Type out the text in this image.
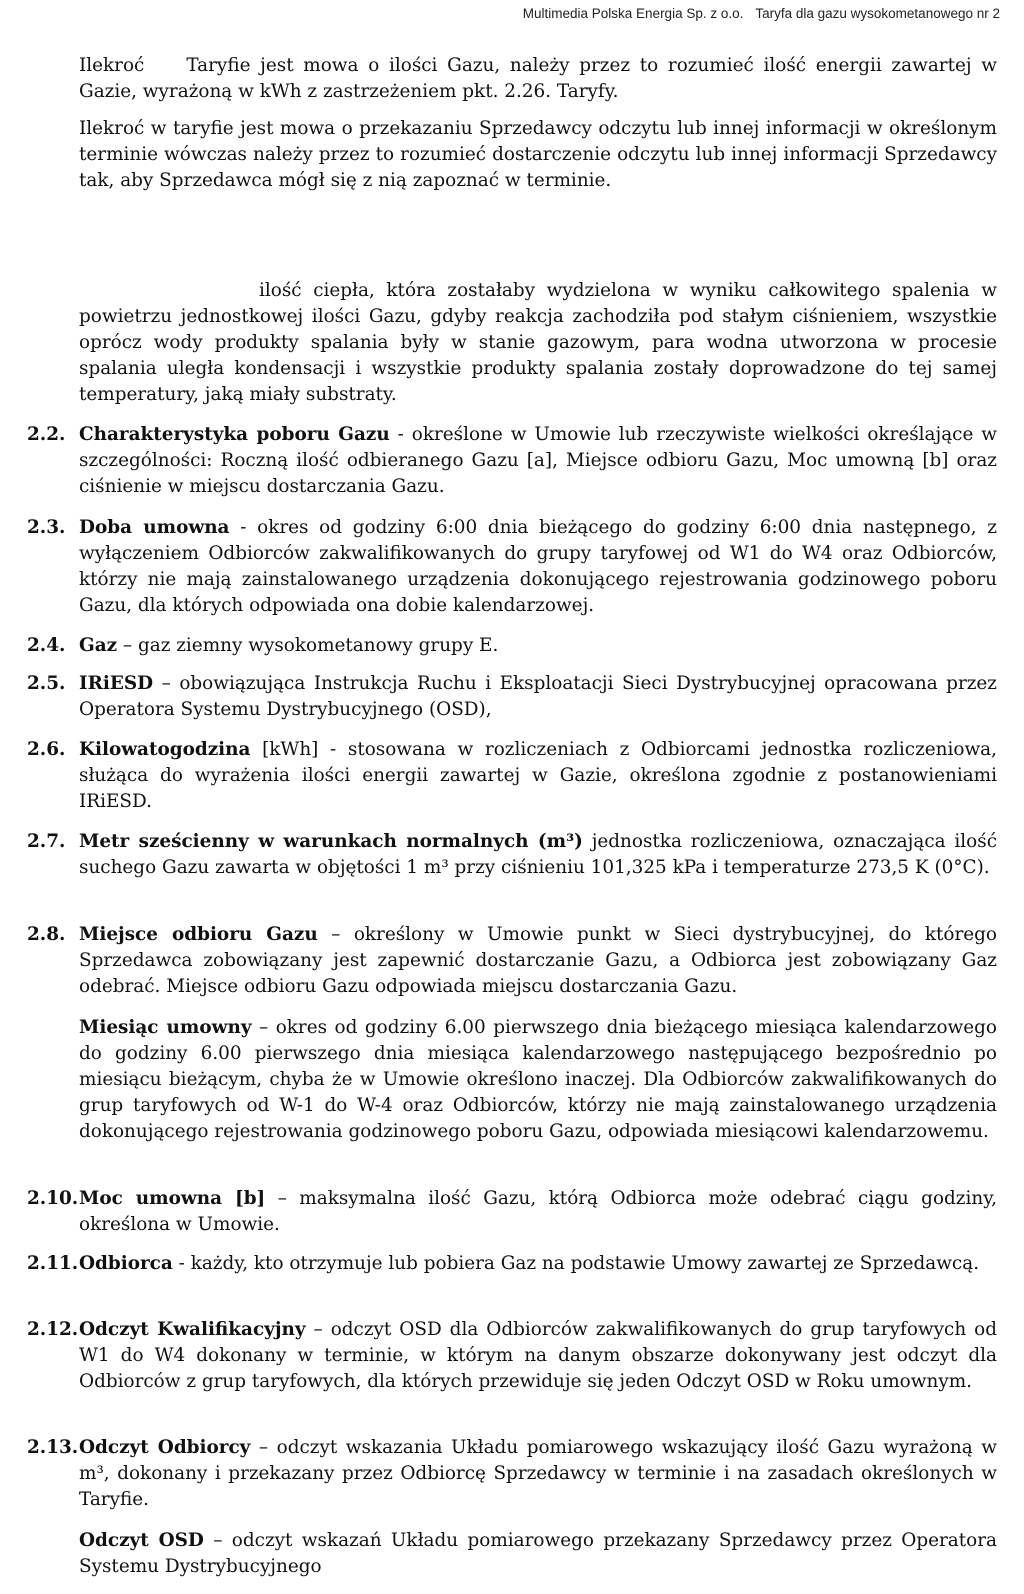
Multimedia Polska Energia Sp. z o.o. Taryfa dla gazu wysokometanowego nr 2
Ilekroć Taryfie jest mowa o ilości Gazu, należy przez to rozumieć ilość energii zawartej w Gazie, wyrażoną w kWh z zastrzeżeniem pkt. 2.26. Taryfy.
Ilekroć w taryfie jest mowa o przekazaniu Sprzedawcy odczytu lub innej informacji w określonym terminie wówczas należy przez to rozumieć dostarczenie odczytu lub innej informacji Sprzedawcy tak, aby Sprzedawca mógł się z nią zapoznać w terminie.
ilość ciepła, która zostałaby wydzielona w wyniku całkowitego spalenia w powietrzu jednostkowej ilości Gazu, gdyby reakcja zachodziła pod stałym ciśnieniem, wszystkie oprócz wody produkty spalania były w stanie gazowym, para wodna utworzona w procesie spalania uległa kondensacji i wszystkie produkty spalania zostały doprowadzone do tej samej temperatury, jaką miały substraty.
2.2. Charakterystyka poboru Gazu - określone w Umowie lub rzeczywiste wielkości określające w szczególności: Roczną ilość odbieranego Gazu [a], Miejsce odbioru Gazu, Moc umowną [b] oraz ciśnienie w miejscu dostarczania Gazu.
2.3. Doba umowna - okres od godziny 6:00 dnia bieżącego do godziny 6:00 dnia następnego, z wyłączeniem Odbiorców zakwalifikowanych do grupy taryfowej od W1 do W4 oraz Odbiorców, którzy nie mają zainstalowanego urządzenia dokonującego rejestrowania godzinowego poboru Gazu, dla których odpowiada ona dobie kalendarzowej.
2.4. Gaz – gaz ziemny wysokometanowy grupy E.
2.5. IRiESD – obowiązująca Instrukcja Ruchu i Eksploatacji Sieci Dystrybucyjnej opracowana przez Operatora Systemu Dystrybucyjnego (OSD),
2.6. Kilowatogodzina [kWh] - stosowana w rozliczeniach z Odbiorcami jednostka rozliczeniowa, służąca do wyrażenia ilości energii zawartej w Gazie, określona zgodnie z postanowieniami IRiESD.
2.7. Metr sześcienny w warunkach normalnych (m³) jednostka rozliczeniowa, oznaczająca ilość suchego Gazu zawarta w objętości 1 m³ przy ciśnieniu 101,325 kPa i temperaturze 273,5 K (0°C).
2.8. Miejsce odbioru Gazu – określony w Umowie punkt w Sieci dystrybucyjnej, do którego Sprzedawca zobowiązany jest zapewnić dostarczanie Gazu, a Odbiorca jest zobowiązany Gaz odebrać. Miejsce odbioru Gazu odpowiada miejscu dostarczania Gazu.
Miesiąc umowny – okres od godziny 6.00 pierwszego dnia bieżącego miesiąca kalendarzowego do godziny 6.00 pierwszego dnia miesiąca kalendarzowego następującego bezpośrednio po miesiącu bieżącym, chyba że w Umowie określono inaczej. Dla Odbiorców zakwalifikowanych do grup taryfowych od W-1 do W-4 oraz Odbiorców, którzy nie mają zainstalowanego urządzenia dokonującego rejestrowania godzinowego poboru Gazu, odpowiada miesiącowi kalendarzowemu.
2.10. Moc umowna [b] – maksymalna ilość Gazu, którą Odbiorca może odebrać ciągu godziny, określona w Umowie.
2.11. Odbiorca - każdy, kto otrzymuje lub pobiera Gaz na podstawie Umowy zawartej ze Sprzedawcą.
2.12. Odczyt Kwalifikacyjny – odczyt OSD dla Odbiorców zakwalifikowanych do grup taryfowych od W1 do W4 dokonany w terminie, w którym na danym obszarze dokonywany jest odczyt dla Odbiorców z grup taryfowych, dla których przewiduje się jeden Odczyt OSD w Roku umownym.
2.13. Odczyt Odbiorcy – odczyt wskazania Układu pomiarowego wskazujący ilość Gazu wyrażoną w m³, dokonany i przekazany przez Odbiorcę Sprzedawcy w terminie i na zasadach określonych w Taryfie.
Odczyt OSD – odczyt wskazań Układu pomiarowego przekazany Sprzedawcy przez Operatora Systemu Dystrybucyjnego
